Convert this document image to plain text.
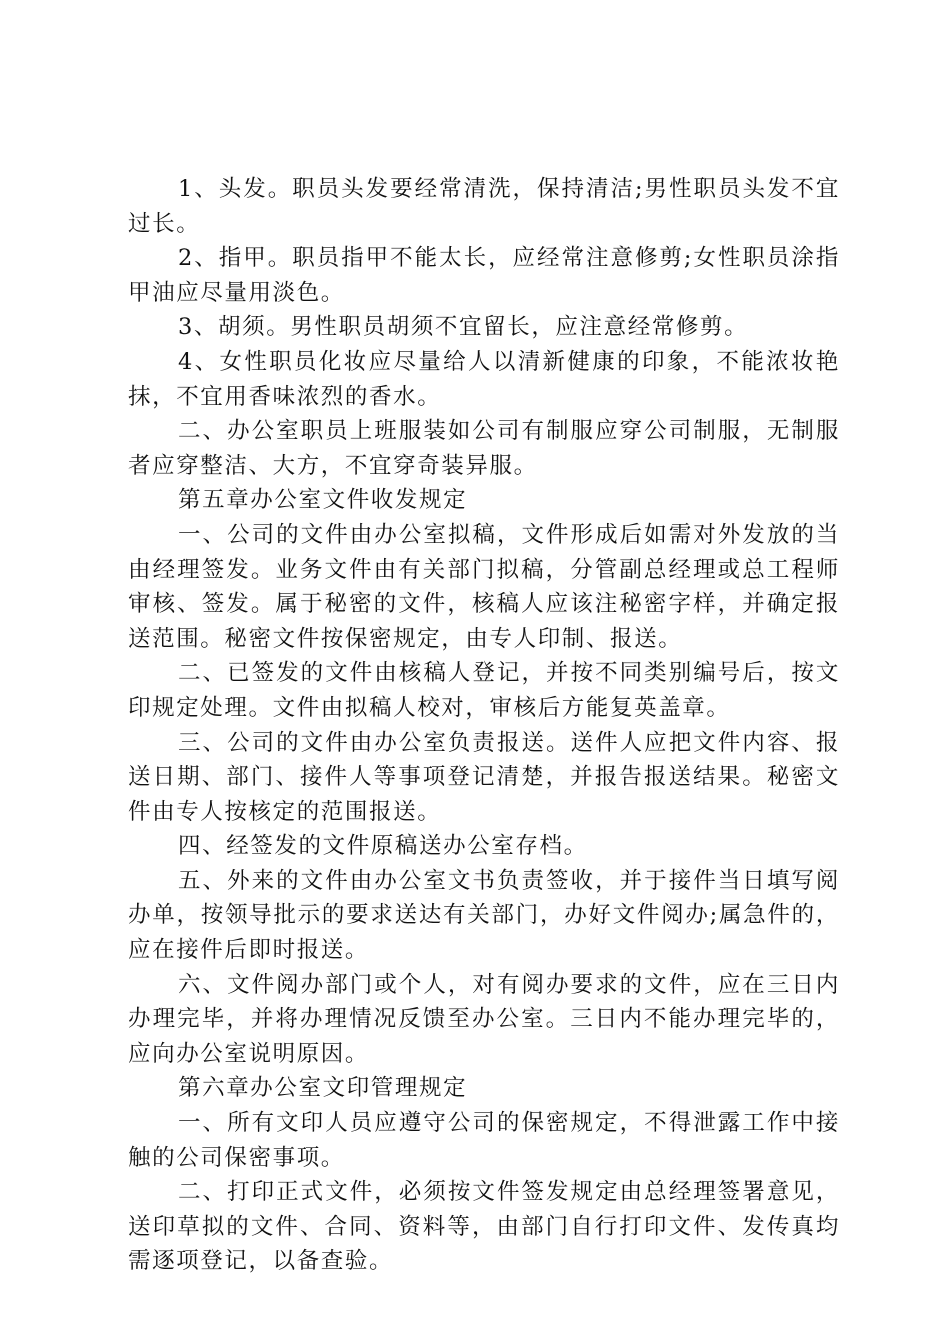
1、头发。职员头发要经常清洗，保持清洁;男性职员头发不宜过长。

2、指甲。职员指甲不能太长，应经常注意修剪;女性职员涂指甲油应尽量用淡色。

3、胡须。男性职员胡须不宜留长，应注意经常修剪。

4、女性职员化妆应尽量给人以清新健康的印象，不能浓妆艳抹，不宜用香味浓烈的香水。

二、办公室职员上班服装如公司有制服应穿公司制服，无制服者应穿整洁、大方，不宜穿奇装异服。

第五章办公室文件收发规定

一、公司的文件由办公室拟稿，文件形成后如需对外发放的当由经理签发。业务文件由有关部门拟稿，分管副总经理或总工程师审核、签发。属于秘密的文件，核稿人应该注秘密字样，并确定报送范围。秘密文件按保密规定，由专人印制、报送。

二、已签发的文件由核稿人登记，并按不同类别编号后，按文印规定处理。文件由拟稿人校对，审核后方能复英盖章。

三、公司的文件由办公室负责报送。送件人应把文件内容、报送日期、部门、接件人等事项登记清楚，并报告报送结果。秘密文件由专人按核定的范围报送。

四、经签发的文件原稿送办公室存档。

五、外来的文件由办公室文书负责签收，并于接件当日填写阅办单，按领导批示的要求送达有关部门，办好文件阅办;属急件的，应在接件后即时报送。

六、文件阅办部门或个人，对有阅办要求的文件，应在三日内办理完毕，并将办理情况反馈至办公室。三日内不能办理完毕的，应向办公室说明原因。

第六章办公室文印管理规定

一、所有文印人员应遵守公司的保密规定，不得泄露工作中接触的公司保密事项。

二、打印正式文件，必须按文件签发规定由总经理签署意见，送印草拟的文件、合同、资料等，由部门自行打印文件、发传真均需逐项登记，以备查验。
